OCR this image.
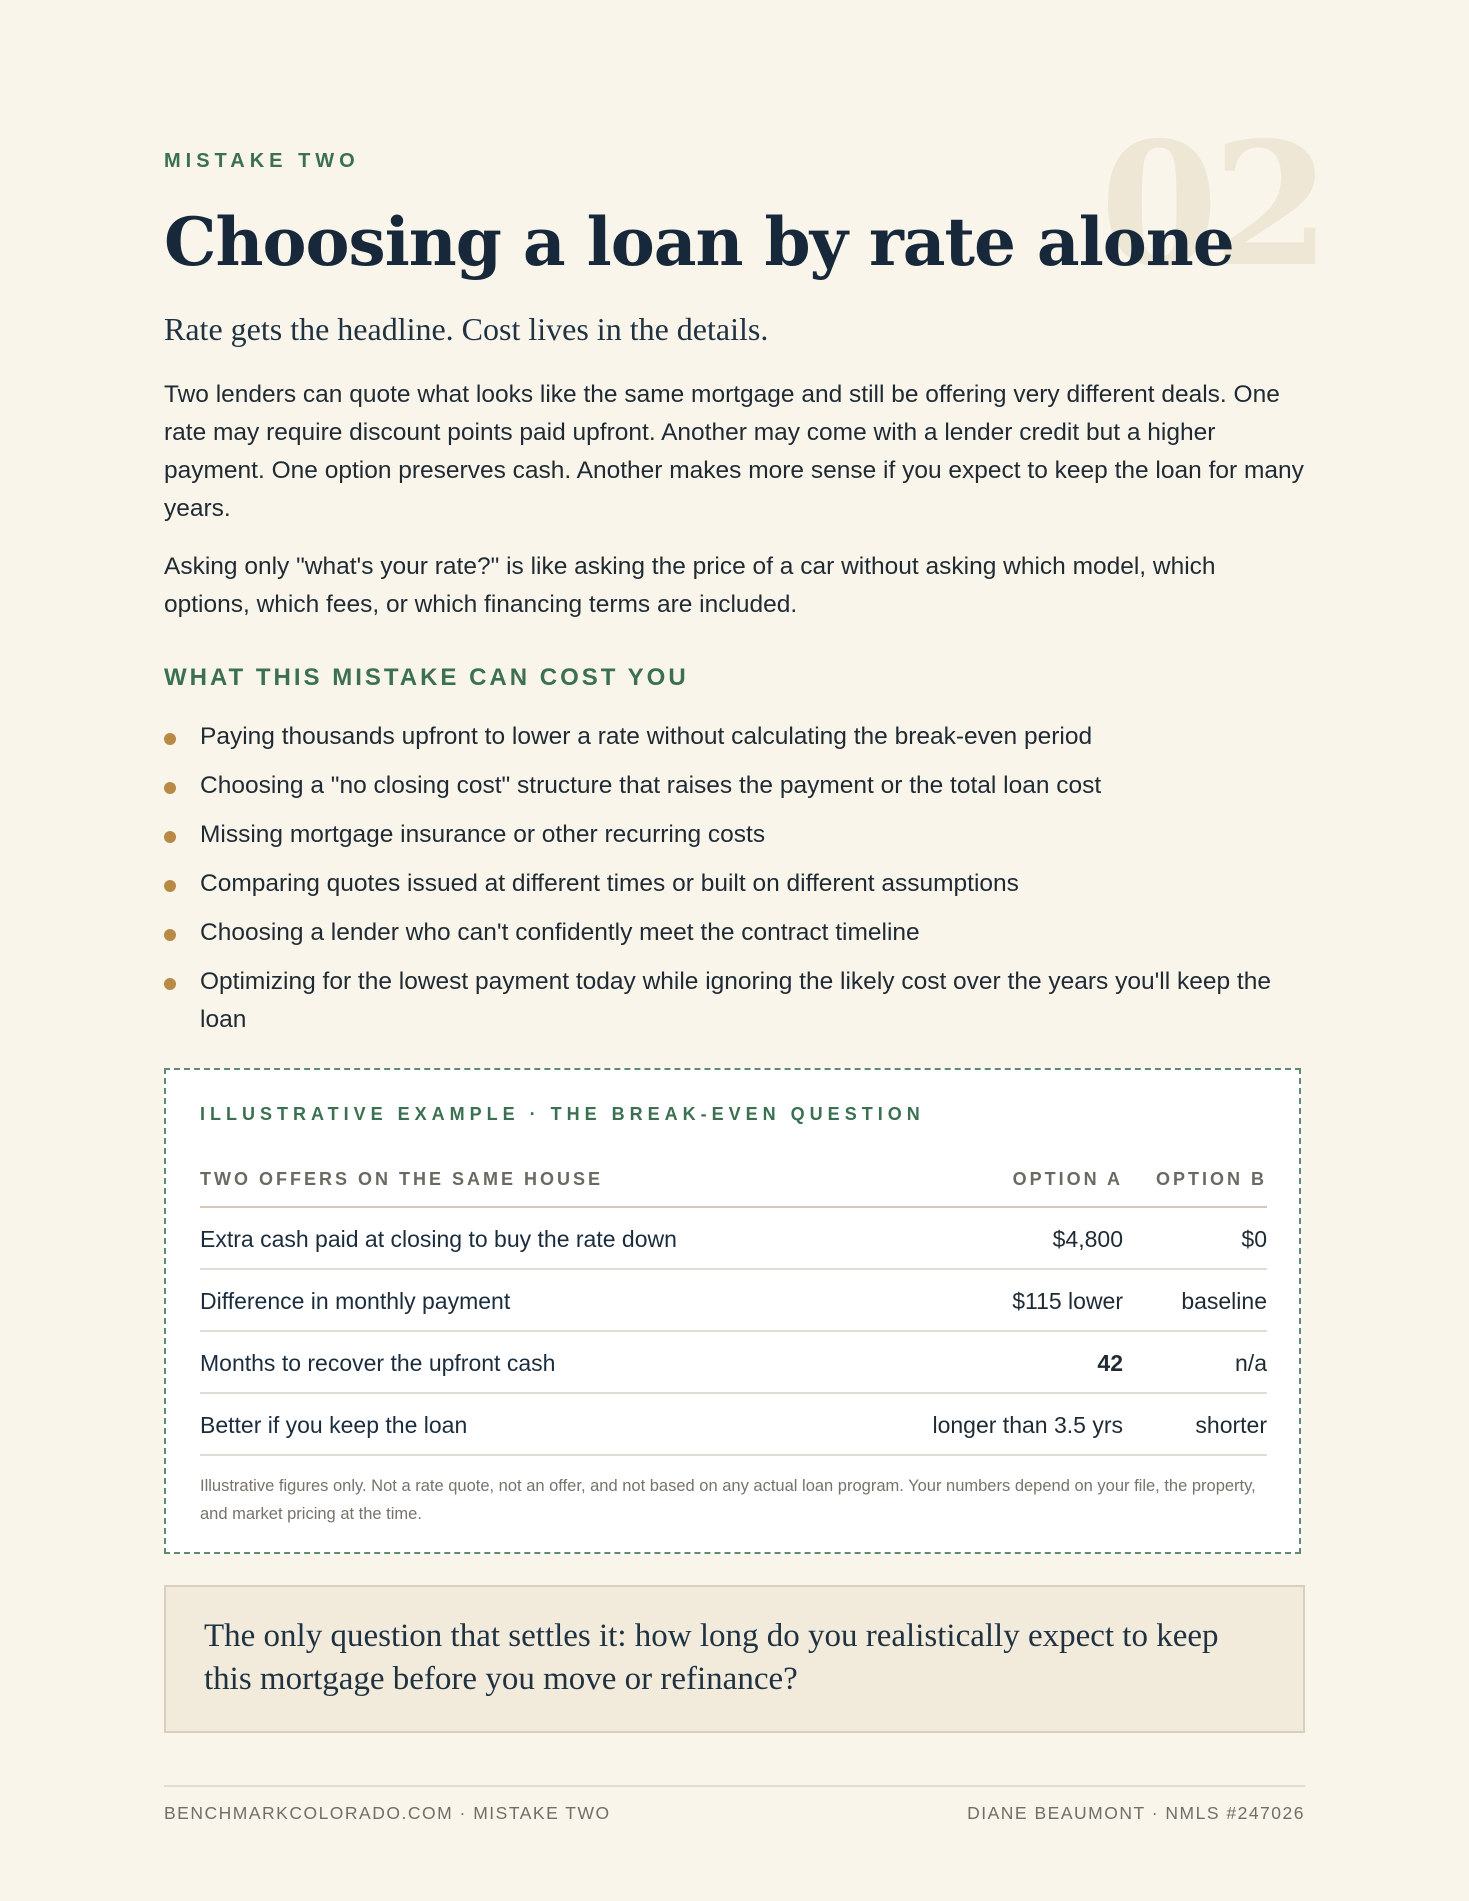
02
MISTAKE TWO
Choosing a loan by rate alone
Rate gets the headline. Cost lives in the details.

Two lenders can quote what looks like the same mortgage and still be offering very different deals. One rate may require discount points paid upfront. Another may come with a lender credit but a higher payment. One option preserves cash. Another makes more sense if you expect to keep the loan for many years.

Asking only "what's your rate?" is like asking the price of a car without asking which model, which options, which fees, or which financing terms are included.

WHAT THIS MISTAKE CAN COST YOU
Paying thousands upfront to lower a rate without calculating the break-even period
Choosing a "no closing cost" structure that raises the payment or the total loan cost
Missing mortgage insurance or other recurring costs
Comparing quotes issued at different times or built on different assumptions
Choosing a lender who can't confidently meet the contract timeline
Optimizing for the lowest payment today while ignoring the likely cost over the years you'll keep the loan
ILLUSTRATIVE EXAMPLE · THE BREAK-EVEN QUESTION
TWO OFFERS ON THE SAME HOUSE	OPTION A OPTION B
Extra cash paid at closing to buy the rate down	$4,800	$0
Difference in monthly payment	$115 lower	baseline
Months to recover the upfront cash	42	n/a
Better if you keep the loan	longer than 3.5 yrs	shorter
Illustrative figures only. Not a rate quote, not an offer, and not based on any actual loan program. Your numbers depend on your file, the property, and market pricing at the time.
The only question that settles it: how long do you realistically expect to keep this mortgage before you move or refinance?
BENCHMARKCOLORADO.COM · MISTAKE TWO	DIANE BEAUMONT · NMLS #247026
